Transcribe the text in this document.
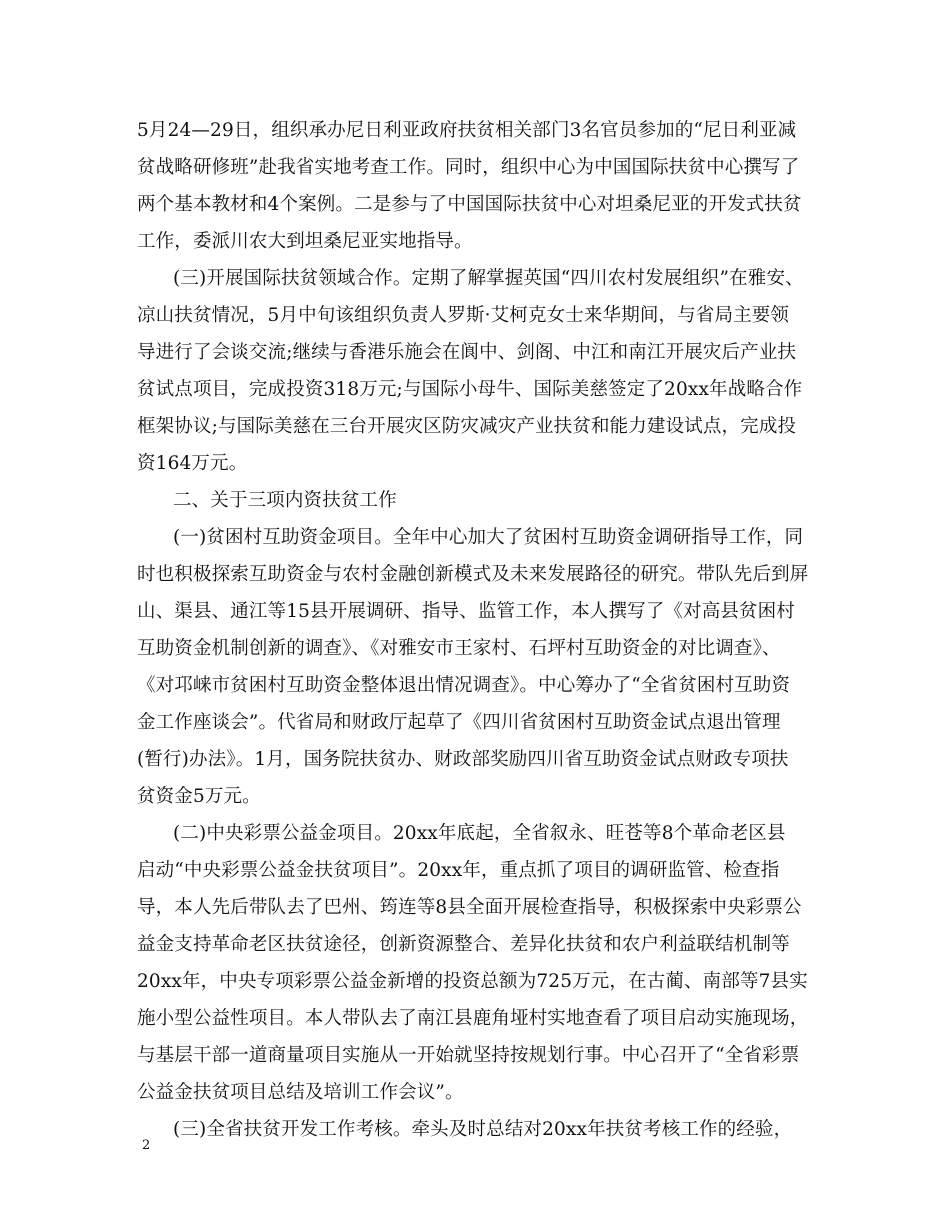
5月24—29日，组织承办尼日利亚政府扶贫相关部门3名官员参加的“尼日利亚减
贫战略研修班”赴我省实地考查工作。同时，组织中心为中国国际扶贫中心撰写了
两个基本教材和4个案例。二是参与了中国国际扶贫中心对坦桑尼亚的开发式扶贫
工作，委派川农大到坦桑尼亚实地指导。
(三)开展国际扶贫领域合作。定期了解掌握英国“四川农村发展组织”在雅安、
凉山扶贫情况，5月中旬该组织负责人罗斯·艾柯克女士来华期间，与省局主要领
导进行了会谈交流;继续与香港乐施会在阆中、剑阁、中江和南江开展灾后产业扶
贫试点项目，完成投资318万元;与国际小母牛、国际美慈签定了20xx年战略合作
框架协议;与国际美慈在三台开展灾区防灾减灾产业扶贫和能力建设试点，完成投
资164万元。
二、关于三项内资扶贫工作
(一)贫困村互助资金项目。全年中心加大了贫困村互助资金调研指导工作，同
时也积极探索互助资金与农村金融创新模式及未来发展路径的研究。带队先后到屏
山、渠县、通江等15县开展调研、指导、监管工作，本人撰写了《对高县贫困村
互助资金机制创新的调查》、《对雅安市王家村、石坪村互助资金的对比调查》、
《对邛崃市贫困村互助资金整体退出情况调查》。中心筹办了“全省贫困村互助资
金工作座谈会”。代省局和财政厅起草了《四川省贫困村互助资金试点退出管理
(暂行)办法》。1月，国务院扶贫办、财政部奖励四川省互助资金试点财政专项扶
贫资金5万元。
(二)中央彩票公益金项目。20xx年底起，全省叙永、旺苍等8个革命老区县
启动“中央彩票公益金扶贫项目”。20xx年，重点抓了项目的调研监管、检查指
导，本人先后带队去了巴州、筠连等8县全面开展检查指导，积极探索中央彩票公
益金支持革命老区扶贫途径，创新资源整合、差异化扶贫和农户利益联结机制等
20xx年，中央专项彩票公益金新增的投资总额为725万元，在古蔺、南部等7县实
施小型公益性项目。本人带队去了南江县鹿角垭村实地查看了项目启动实施现场，
与基层干部一道商量项目实施从一开始就坚持按规划行事。中心召开了“全省彩票
公益金扶贫项目总结及培训工作会议”。
(三)全省扶贫开发工作考核。牵头及时总结对20xx年扶贫考核工作的经验，
2
